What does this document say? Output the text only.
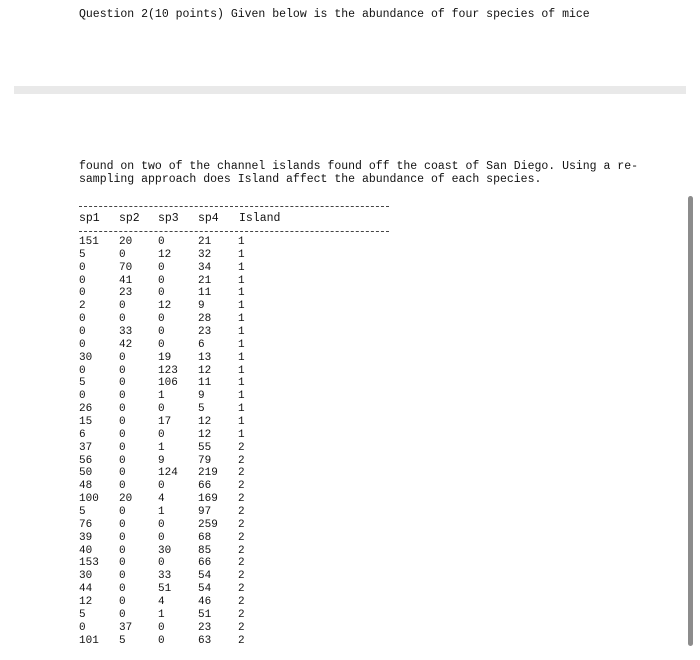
Question 2(10 points) Given below is the abundance of four species of mice
found on two of the channel islands found off the coast of San Diego. Using a re-sampling approach does Island affect the abundance of each species.
sp1 sp2 sp3 sp4 Island
151	20	0	21	1
5	0	12	32	1
0	70	0	34	1
0	41	0	21	1
0	23	0	11	1
2	0	12	9	1
0	0	0	28	1
0	33	0	23	1
0	42	0	6	1
30	0	19	13	1
0	0	123	12	1
5	0	106	11	1
0	0	1	9	1
26	0	0	5	1
15	0	17	12	1
6	0	0	12	1
37	0	1	55	2
56	0	9	79	2
50	0	124	219	2
48	0	0	66	2
100	20	4	169	2
5	0	1	97	2
76	0	0	259	2
39	0	0	68	2
40	0	30	85	2
153	0	0	66	2
30	0	33	54	2
44	0	51	54	2
12	0	4	46	2
5	0	1	51	2
0	37	0	23	2
101	5	0	63	2
